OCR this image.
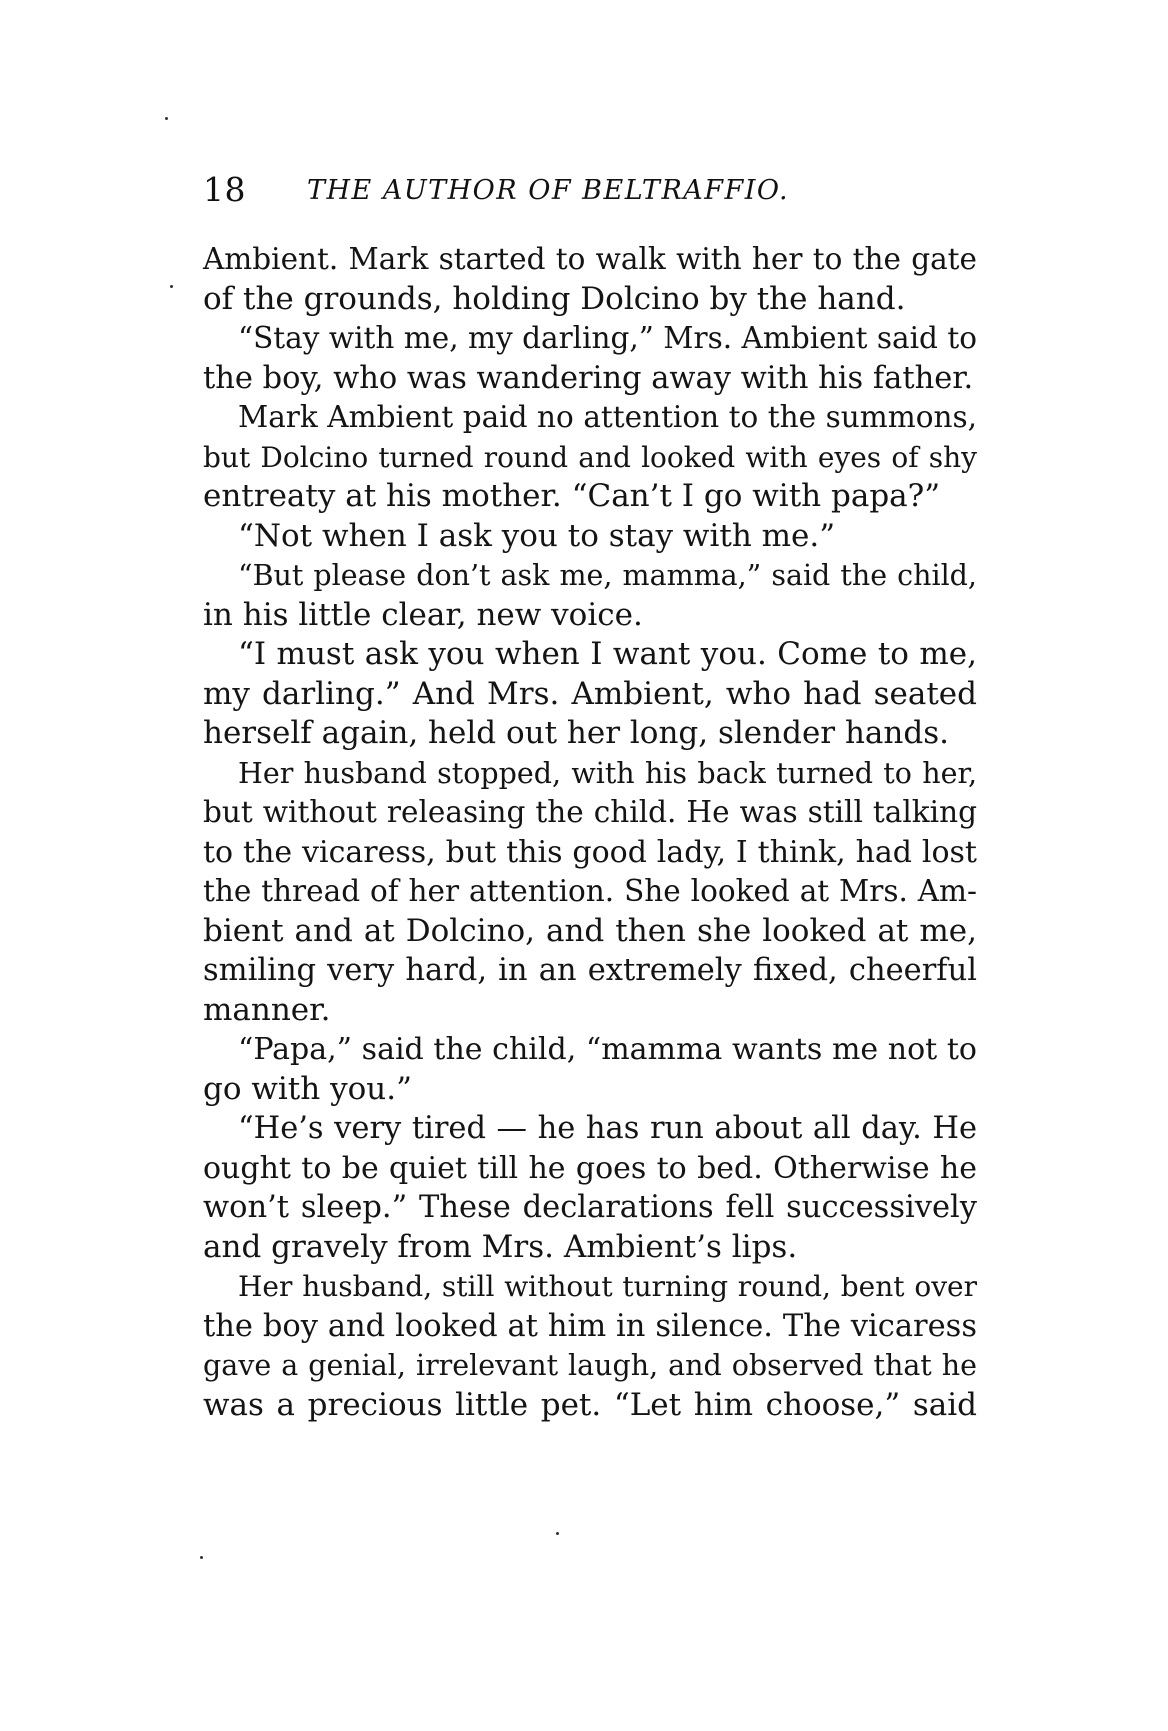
18 THE AUTHOR OF BELTRAFFIO.
Ambient. Mark started to walk with her to the gate
of the grounds, holding Dolcino by the hand.
“Stay with me, my darling,” Mrs. Ambient said to
the boy, who was wandering away with his father.
Mark Ambient paid no attention to the summons,
but Dolcino turned round and looked with eyes of shy
entreaty at his mother. “Can’t I go with papa?”
“Not when I ask you to stay with me.”
“But please don’t ask me, mamma,” said the child,
in his little clear, new voice.
“I must ask you when I want you. Come to me,
my darling.” And Mrs. Ambient, who had seated
herself again, held out her long, slender hands.
Her husband stopped, with his back turned to her,
but without releasing the child. He was still talking
to the vicaress, but this good lady, I think, had lost
the thread of her attention. She looked at Mrs. Am-
bient and at Dolcino, and then she looked at me,
smiling very hard, in an extremely fixed, cheerful
manner.
“Papa,” said the child, “mamma wants me not to
go with you.”
“He’s very tired — he has run about all day. He
ought to be quiet till he goes to bed. Otherwise he
won’t sleep.” These declarations fell successively
and gravely from Mrs. Ambient’s lips.
Her husband, still without turning round, bent over
the boy and looked at him in silence. The vicaress
gave a genial, irrelevant laugh, and observed that he
was a precious little pet. “Let him choose,” said
